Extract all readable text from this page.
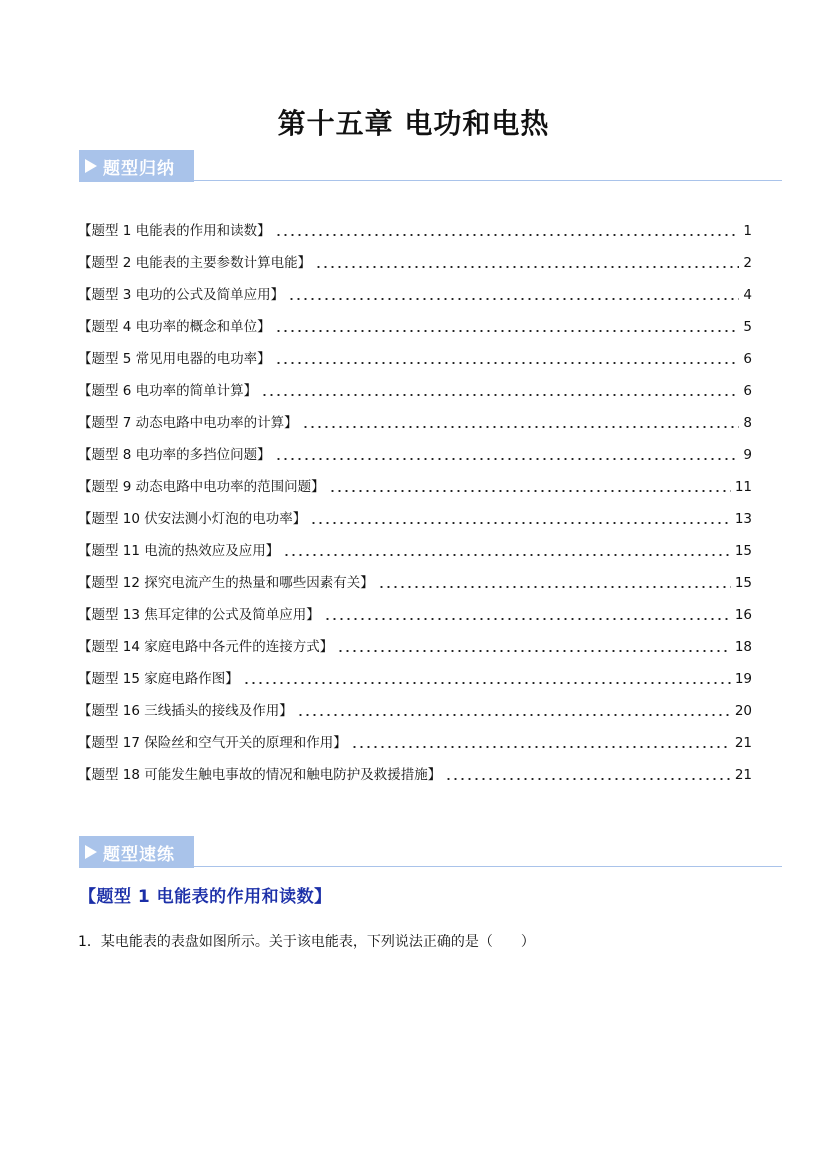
第十五章 电功和电热
题型归纳
【题型 1 电能表的作用和读数】	1
【题型 2 电能表的主要参数计算电能】	2
【题型 3 电功的公式及简单应用】	4
【题型 4 电功率的概念和单位】	5
【题型 5 常见用电器的电功率】	6
【题型 6 电功率的简单计算】	6
【题型 7 动态电路中电功率的计算】	8
【题型 8 电功率的多挡位问题】	9
【题型 9 动态电路中电功率的范围问题】	11
【题型 10 伏安法测小灯泡的电功率】	13
【题型 11 电流的热效应及应用】	15
【题型 12 探究电流产生的热量和哪些因素有关】	15
【题型 13 焦耳定律的公式及简单应用】	16
【题型 14 家庭电路中各元件的连接方式】	18
【题型 15 家庭电路作图】	19
【题型 16 三线插头的接线及作用】	20
【题型 17 保险丝和空气开关的原理和作用】	21
【题型 18 可能发生触电事故的情况和触电防护及救援措施】	21
题型速练
【题型 1 电能表的作用和读数】
1．某电能表的表盘如图所示。关于该电能表，下列说法正确的是（　　）
